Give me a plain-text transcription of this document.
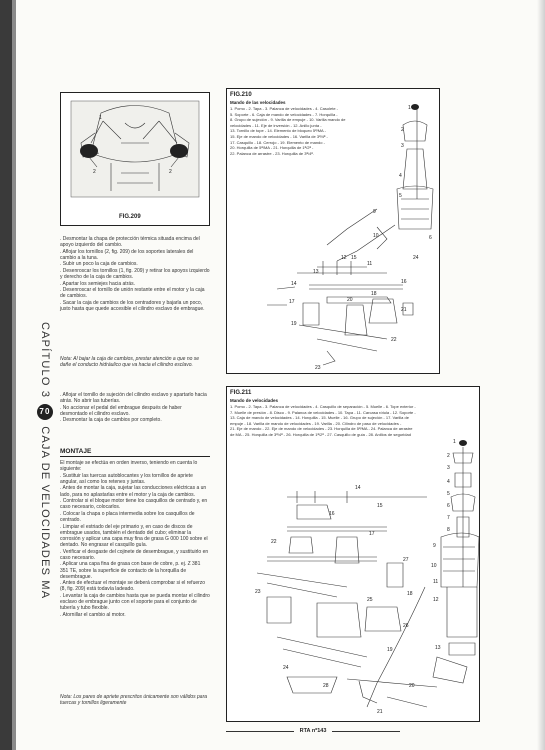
CAPÍTULO 3
70
CAJA DE VELOCIDADES MA
1
2	2
FIG.209
FIG.210
Mando de las velocidades
1. Pomo - 2. Tapa - 3. Palanca de velocidades - 4. Casolete -
5. Soporte - 6. Caja de mando de velocidades - 7. Horquilla -
8. Grupo de sujeción - 9. Varilla de empuje - 10. Varilla mando de
velocidades - 11. Eje de inversión - 12. Anillo junta -
13. Tornillo de tope - 14. Elemento de bloqueo 5ª/MA -
15. Eje de mando de velocidades - 16. Varilla de 3ª/4ª -
17. Casquillo - 18. Cerrojo - 19. Elemento de mando -
20. Horquilla de 5ª/MA - 21. Horquilla de 1ª/2ª -
22. Palanca de arrastre - 23. Horquilla de 3ª/4ª.
1
2
3
4
5
6
9
10
11
12
13
14
15
16
17
18
19
20
21
22
23
24
FIG.211
Mando de velocidades
1. Pomo - 2. Tapa - 3. Palanca de velocidades - 4. Casquillo de separación - 5. Muelle - 6. Tope exterior -
7. Muelle de presión - 8. Disco - 9. Palanca de velocidades - 10. Tapa - 11. Carcasa rótula - 12. Soporte -
13. Caja de mando de velocidades - 14. Horquilla - 15. Muelle - 16. Grupo de sujeción - 17. Varilla de
empuje - 18. Varilla de mando de velocidades - 19. Varilla - 20. Cilindro de paso de velocidades -
21. Eje de mando - 22. Eje de mando de velocidades - 23. Horquilla de 5ª/MA - 24. Palanca de arrastre
de MA - 25. Horquilla de 3ª/4ª - 26. Horquilla de 1ª/2ª - 27. Casquillo de guía - 28. Anillos de seguridad
1
2
3
4
5
6
7
8
9
10
11
12
13
14
15
16
17
18
19
20
21
22
23
24
25
26
27
28

. Desmontar la chapa de protección térmica situada encima del apoyo izquierdo del cambio.

. Aflojar los tornillos (2, fig. 209) de los soportes laterales del cambio a la tuna.

. Subir un poco la caja de cambios.

. Desenroscar los tornillos (1, fig. 209) y retirar los apoyos izquierdo y derecho de la caja de cambios.

. Apartar los semiejes hacia atrás.

. Desenroscar el tornillo de unión restante entre el motor y la caja de cambios.

. Sacar la caja de cambios de los centradores y bajarla un poco, justo hasta que quede accesible el cilindro esclavo de embrague.

Nota: Al bajar la caja de cambios, prestar atención a que no se dañe el conducto hidráulico que va hacia el cilindro esclavo.

. Aflojar el tornillo de sujeción del cilindro esclavo y apartarlo hacia atrás. No abrir las tuberías.

. No accionar el pedal del embrague después de haber desmontado el cilindro esclavo.

. Desmontar la caja de cambios por completo.

MONTAJE

El montaje se efectúa en orden inverso, teniendo en cuenta lo siguiente:

. Sustituir las tuercas autoblocantes y los tornillos de apriete angular, así como los retenes y juntas.

. Antes de montar la caja, sujetar las conducciones eléctricas a un lado, para no aplastarlas entre el motor y la caja de cambios.

. Controlar si el bloque motor tiene los casquillos de centrado y, en caso necesario, colocarlos.

. Colocar la chapa o placa intermedia sobre los casquillos de centrado.

. Limpiar el estriado del eje primario y, en caso de discos de embrague usados, también el dentado del cubo; eliminar la corrosión y aplicar una capa muy fina de grasa G 000 100 sobre el dentado. No engrasar el casquillo guía.

. Verificar el desgaste del cojinete de desembrague, y sustituirlo en caso necesario.

. Aplicar una capa fina de grasa con base de cobre, p. ej. Z 381 351 TE, sobre la superficie de contacto de la horquilla de desembrague.

. Antes de efectuar el montaje se deberá comprobar si el refuerzo (8, fig. 209) está todavía ladeado.

. Levantar la caja de cambios hasta que se pueda montar el cilindro esclavo de embrague junto con el soporte para el conjunto de tubería y tubo flexible.

. Atornillar el cambio al motor.

Nota: Los pares de apriete prescritos únicamente son válidos para tuercas y tornillos ligeramente
RTA nº143
